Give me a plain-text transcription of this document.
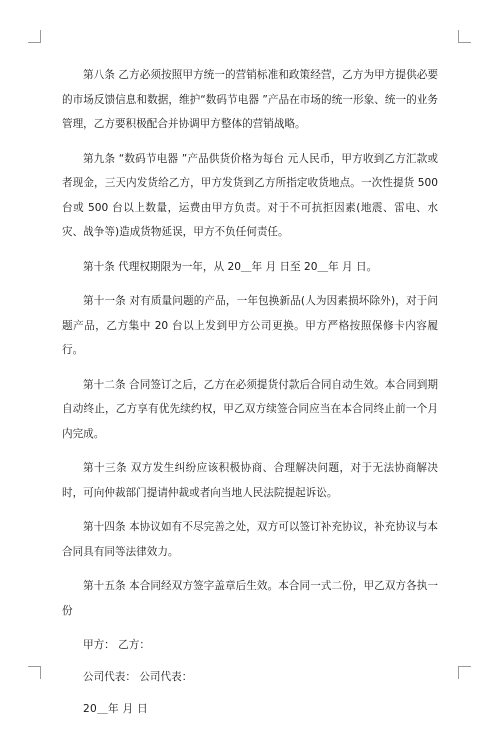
第八条 乙方必须按照甲方统一的营销标准和政策经营，乙方为甲方提供必要的市场反馈信息和数据，维护“数码节电器 ”产品在市场的统一形象、统一的业务管理，乙方要积极配合并协调甲方整体的营销战略。

第九条 “数码节电器 ”产品供货价格为每台 元人民币，甲方收到乙方汇款或者现金，三天内发货给乙方，甲方发货到乙方所指定收货地点。一次性提货 500 台或 500 台以上数量，运费由甲方负责。对于不可抗拒因素(地震、雷电、水灾、战争等)造成货物延误，甲方不负任何责任。

第十条 代理权期限为一年，从 20＿年 月 日至 20＿年 月 日。

第十一条 对有质量问题的产品，一年包换新品(人为因素损坏除外)，对于问题产品，乙方集中 20 台以上发到甲方公司更换。甲方严格按照保修卡内容履行。

第十二条 合同签订之后，乙方在必须提货付款后合同自动生效。本合同到期自动终止，乙方享有优先续约权，甲乙双方续签合同应当在本合同终止前一个月内完成。

第十三条 双方发生纠纷应该积极协商、合理解决问题，对于无法协商解决时，可向仲裁部门提请仲裁或者向当地人民法院提起诉讼。

第十四条 本协议如有不尽完善之处，双方可以签订补充协议，补充协议与本合同具有同等法律效力。

第十五条 本合同经双方签字盖章后生效。本合同一式二份，甲乙双方各执一份

甲方： 乙方：

公司代表： 公司代表：

20＿年 月 日
